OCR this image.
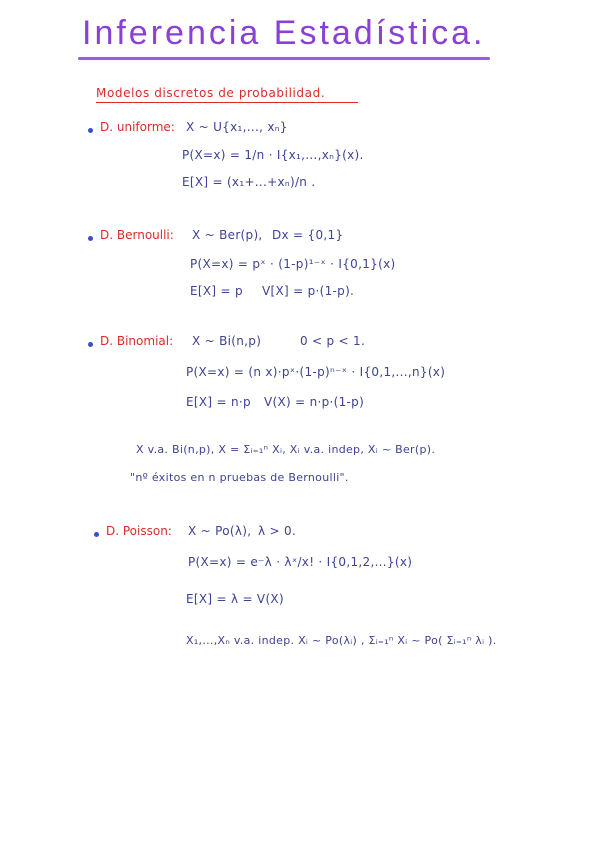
Inferencia Estadística.
Modelos discretos de probabilidad.
D. uniforme: X ~ U{x₁,..., xₙ}
P(X=x) = 1/n · I{x₁,...,xₙ}(x).
E[X] = (x₁+...+xₙ)/n .
D. Bernoulli: X ~ Ber(p), Dx = {0,1}
P(X=x) = pˣ · (1-p)¹⁻ˣ · I{0,1}(x)
E[X] = p V[X] = p·(1-p).
D. Binomial: X ~ Bi(n,p)	0 < p < 1.
P(X=x) = (n x)·pˣ·(1-p)ⁿ⁻ˣ · I{0,1,...,n}(x)
E[X] = n·p V(X) = n·p·(1-p)
X v.a. Bi(n,p), X = Σᵢ₌₁ⁿ Xᵢ, Xᵢ v.a. indep, Xᵢ ~ Ber(p).
"nº éxitos en n pruebas de Bernoulli".
D. Poisson: X ~ Po(λ), λ > 0.
P(X=x) = e⁻λ · λˣ/x! · I{0,1,2,...}(x)
E[X] = λ = V(X)
X₁,...,Xₙ v.a. indep. Xᵢ ~ Po(λᵢ) , Σᵢ₌₁ⁿ Xᵢ ~ Po( Σᵢ₌₁ⁿ λᵢ ).
